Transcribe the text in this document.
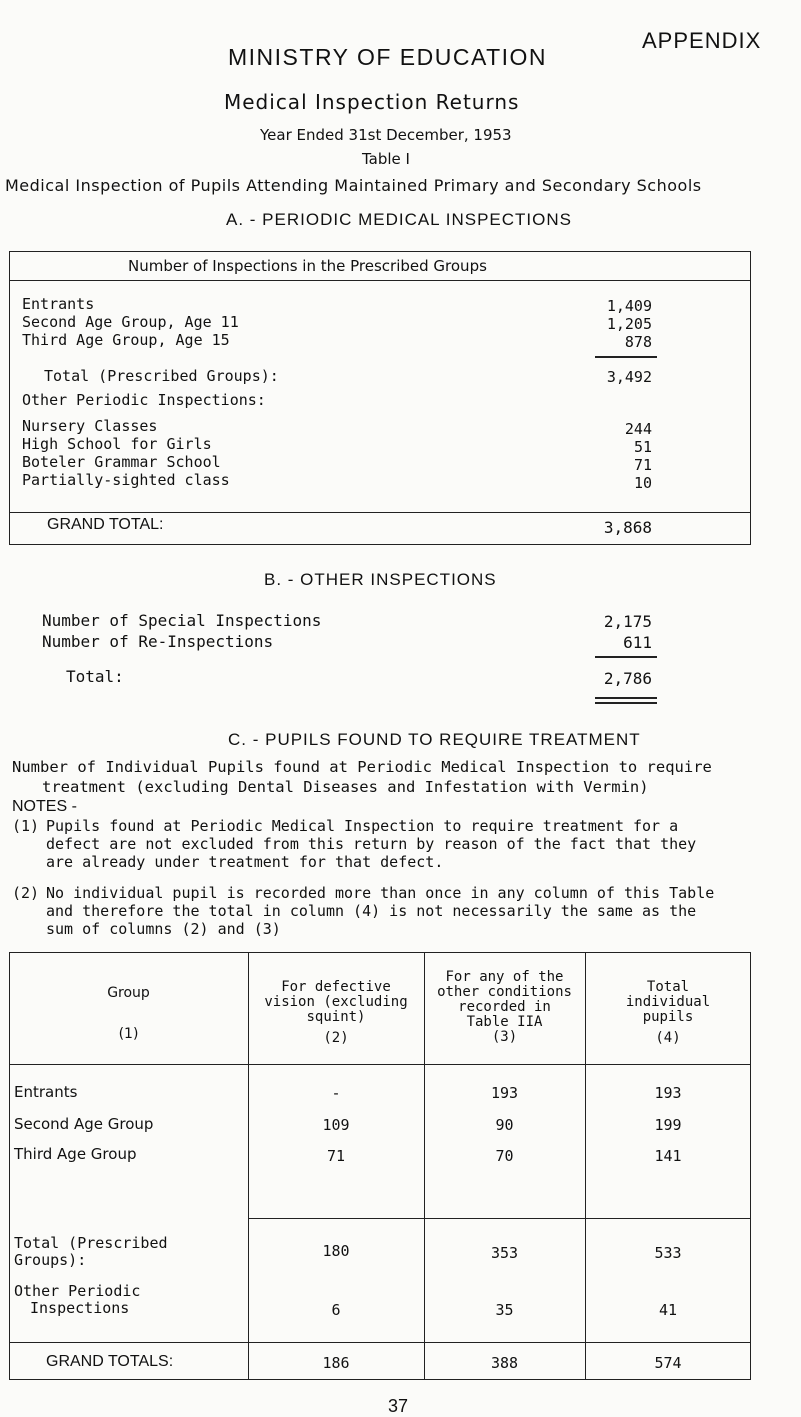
APPENDIX
MINISTRY OF EDUCATION
Medical Inspection Returns
Year Ended 31st December, 1953
Table I
Medical Inspection of Pupils Attending Maintained Primary and Secondary Schools
A. - PERIODIC MEDICAL INSPECTIONS
Number of Inspections in the Prescribed Groups
Entrants	1,409
Second Age Group, Age 11	1,205
Third Age Group, Age 15	878
Total (Prescribed Groups):	3,492
Other Periodic Inspections:
Nursery Classes	244
High School for Girls	51
Boteler Grammar School	71
Partially-sighted class	10
GRAND TOTAL:	3,868
B. - OTHER INSPECTIONS
Number of Special Inspections	2,175
Number of Re-Inspections	611
Total:	2,786
C. - PUPILS FOUND TO REQUIRE TREATMENT
Number of Individual Pupils found at Periodic Medical Inspection to require
treatment (excluding Dental Diseases and Infestation with Vermin)
NOTES -
(1) Pupils found at Periodic Medical Inspection to require treatment for a
defect are not excluded from this return by reason of the fact that they
are already under treatment for that defect.
(2) No individual pupil is recorded more than once in any column of this Table
and therefore the total in column (4) is not necessarily the same as the
sum of columns (2) and (3)
Group
(1)
For defective
vision (excluding
squint)
(2)
For any of the
other conditions
recorded in
Table IIA
(3)
Total
individual
pupils
(4)
Entrants	-	193	193
Second Age Group	109	90	199
Third Age Group	71	70	141
Total (Prescribed
Groups):	180	353	533
Other Periodic
Inspections	6	35	41
GRAND TOTALS:	186	388	574
37
